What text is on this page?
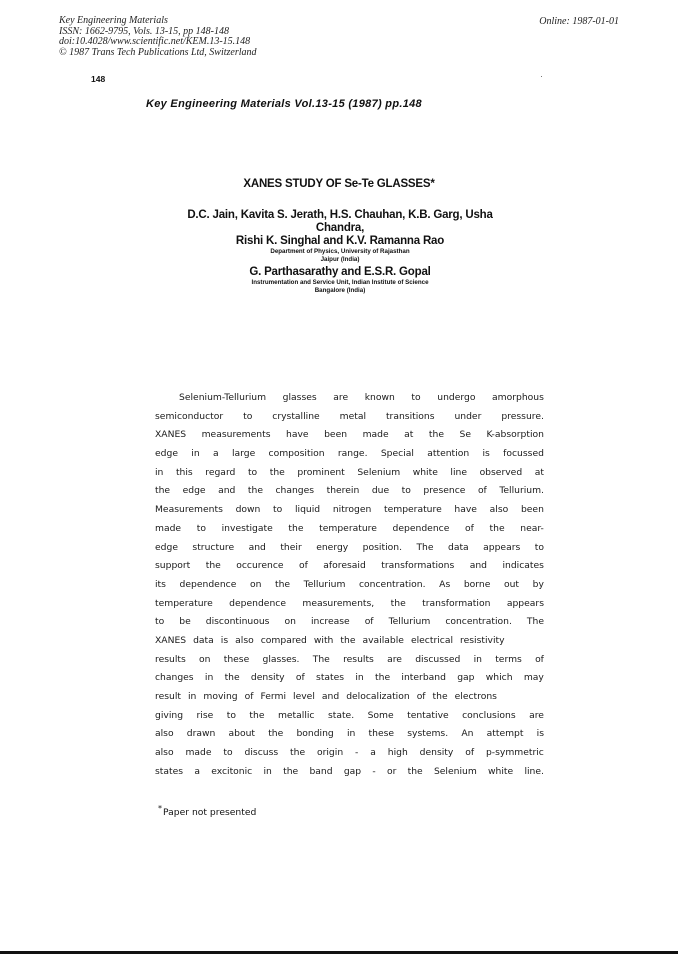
Key Engineering Materials
ISSN: 1662-9795, Vols. 13-15, pp 148-148
doi:10.4028/www.scientific.net/KEM.13-15.148
© 1987 Trans Tech Publications Ltd, Switzerland
Online: 1987-01-01
148
Key Engineering Materials Vol.13-15 (1987) pp.148
XANES STUDY OF Se-Te GLASSES*
D.C. Jain, Kavita S. Jerath, H.S. Chauhan, K.B. Garg, Usha
Chandra,
Rishi K. Singhal and K.V. Ramanna Rao
Department of Physics, University of Rajasthan
Jaipur (India)
G. Parthasarathy and E.S.R. Gopal
Instrumentation and Service Unit, Indian Institute of Science
Bangalore (India)
Selenium-Tellurium glasses are known to undergo amorphous
semiconductor to crystalline metal transitions under pressure.
XANES measurements have been made at the Se K-absorption
edge in a large composition range. Special attention is focussed
in this regard to the prominent Selenium white line observed at
the edge and the changes therein due to presence of Tellurium.
Measurements down to liquid nitrogen temperature have also been
made to investigate the temperature dependence of the near-
edge structure and their energy position. The data appears to
support the occurence of aforesaid transformations and indicates
its dependence on the Tellurium concentration. As borne out by
temperature dependence measurements, the transformation appears
to be discontinuous on increase of Tellurium concentration. The
XANES data is also compared with the available electrical resistivity
results on these glasses. The results are discussed in terms of
changes in the density of states in the interband gap which may
result in moving of Fermi level and delocalization of the electrons
giving rise to the metallic state. Some tentative conclusions are
also drawn about the bonding in these systems. An attempt is
also made to discuss the origin - a high density of p-symmetric
states a excitonic in the band gap - or the Selenium white line.
*Paper not presented
